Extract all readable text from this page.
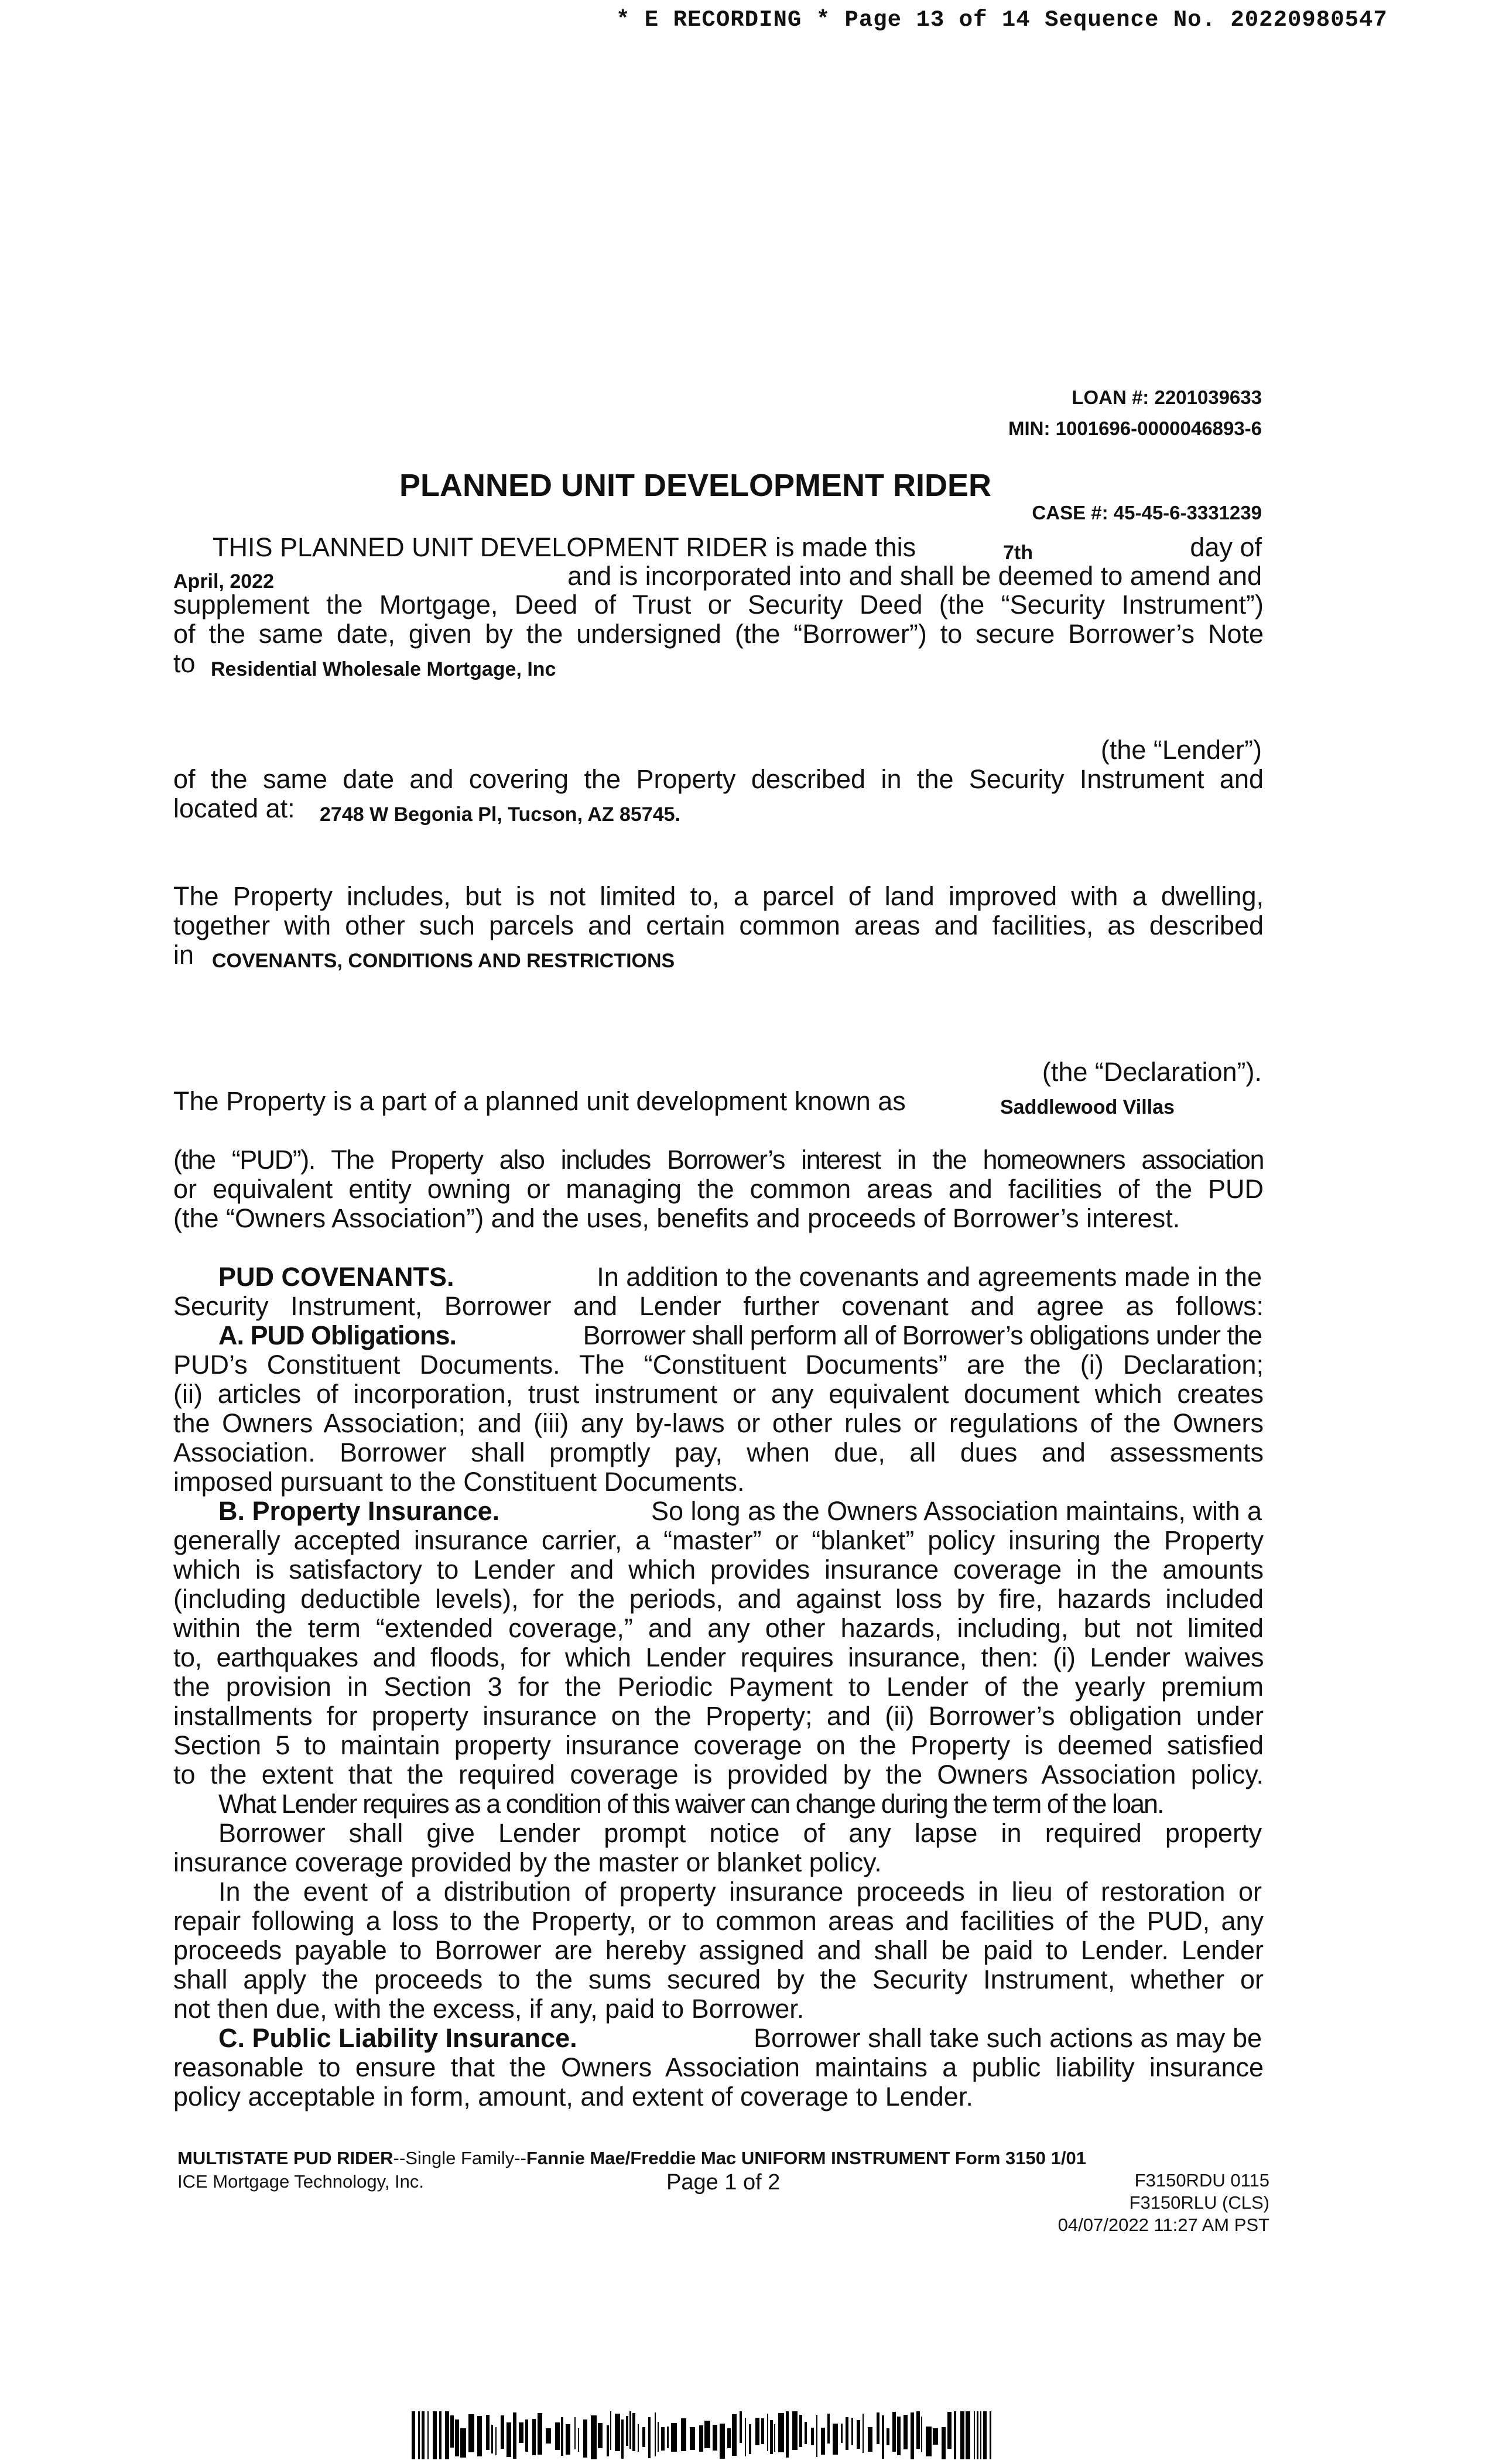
* E RECORDING * Page 13 of 14 Sequence No. 20220980547
LOAN #: 2201039633
MIN: 1001696-0000046893-6
PLANNED UNIT DEVELOPMENT RIDER
CASE #: 45-45-6-3331239
THIS PLANNED UNIT DEVELOPMENT RIDER is made this	7th	day of
April, 2022	and is incorporated into and shall be deemed to amend and
supplement the Mortgage, Deed of Trust or Security Deed (the “Security Instrument”)
of the same date, given by the undersigned (the “Borrower”) to secure Borrower’s Note
to Residential Wholesale Mortgage, Inc
(the “Lender”)
of the same date and covering the Property described in the Security Instrument and
located at: 2748 W Begonia Pl, Tucson, AZ 85745.
The Property includes, but is not limited to, a parcel of land improved with a dwelling,
together with other such parcels and certain common areas and facilities, as described
in COVENANTS, CONDITIONS AND RESTRICTIONS
(the “Declaration”).
The Property is a part of a planned unit development known as	Saddlewood Villas
(the “PUD”). The Property also includes Borrower’s interest in the homeowners association
or equivalent entity owning or managing the common areas and facilities of the PUD
(the “Owners Association”) and the uses, benefits and proceeds of Borrower’s interest.
PUD COVENANTS.	In addition to the covenants and agreements made in the
Security Instrument, Borrower and Lender further covenant and agree as follows:
A. PUD Obligations.	Borrower shall perform all of Borrower’s obligations under the
PUD’s Constituent Documents. The “Constituent Documents” are the (i) Declaration;
(ii) articles of incorporation, trust instrument or any equivalent document which creates
the Owners Association; and (iii) any by-laws or other rules or regulations of the Owners
Association. Borrower shall promptly pay, when due, all dues and assessments
imposed pursuant to the Constituent Documents.
B. Property Insurance.	So long as the Owners Association maintains, with a
generally accepted insurance carrier, a “master” or “blanket” policy insuring the Property
which is satisfactory to Lender and which provides insurance coverage in the amounts
(including deductible levels), for the periods, and against loss by fire, hazards included
within the term “extended coverage,” and any other hazards, including, but not limited
to, earthquakes and floods, for which Lender requires insurance, then: (i) Lender waives
the provision in Section 3 for the Periodic Payment to Lender of the yearly premium
installments for property insurance on the Property; and (ii) Borrower’s obligation under
Section 5 to maintain property insurance coverage on the Property is deemed satisfied
to the extent that the required coverage is provided by the Owners Association policy.
What Lender requires as a condition of this waiver can change during the term of the loan.
Borrower shall give Lender prompt notice of any lapse in required property
insurance coverage provided by the master or blanket policy.
In the event of a distribution of property insurance proceeds in lieu of restoration or
repair following a loss to the Property, or to common areas and facilities of the PUD, any
proceeds payable to Borrower are hereby assigned and shall be paid to Lender. Lender
shall apply the proceeds to the sums secured by the Security Instrument, whether or
not then due, with the excess, if any, paid to Borrower.
C. Public Liability Insurance.	Borrower shall take such actions as may be
reasonable to ensure that the Owners Association maintains a public liability insurance
policy acceptable in form, amount, and extent of coverage to Lender.
MULTISTATE PUD RIDER--Single Family--Fannie Mae/Freddie Mac UNIFORM INSTRUMENT Form 3150 1/01
ICE Mortgage Technology, Inc.	Page 1 of 2	F3150RDU 0115
F3150RLU (CLS)
04/07/2022 11:27 AM PST
